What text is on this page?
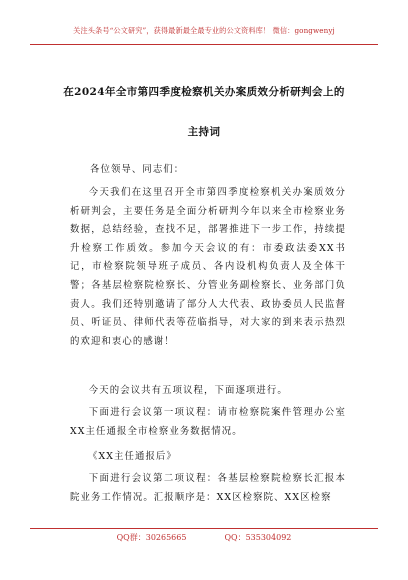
关注头条号“公文研究”，获得最新最全最专业的公文资料库！ 微信：gongwenyj
在2024年全市第四季度检察机关办案质效分析研判会上的
主持词
各位领导、同志们：
今天我们在这里召开全市第四季度检察机关办案质效分析研判会，主要任务是全面分析研判今年以来全市检察业务数据，总结经验，查找不足，部署推进下一步工作，持续提升检察工作质效。参加今天会议的有：市委政法委XX书记，市检察院领导班子成员、各内设机构负责人及全体干警；各基层检察院检察长、分管业务副检察长、业务部门负责人。我们还特别邀请了部分人大代表、政协委员人民监督员、听证员、律师代表等莅临指导，对大家的到来表示热烈的欢迎和衷心的感谢！
今天的会议共有五项议程，下面逐项进行。
下面进行会议第一项议程：请市检察院案件管理办公室XX主任通报全市检察业务数据情况。
《XX主任通报后》
下面进行会议第二项议程：各基层检察院检察长汇报本院业务工作情况。汇报顺序是：XX区检察院、XX区检察
QQ群：30265665	QQ：535304092
